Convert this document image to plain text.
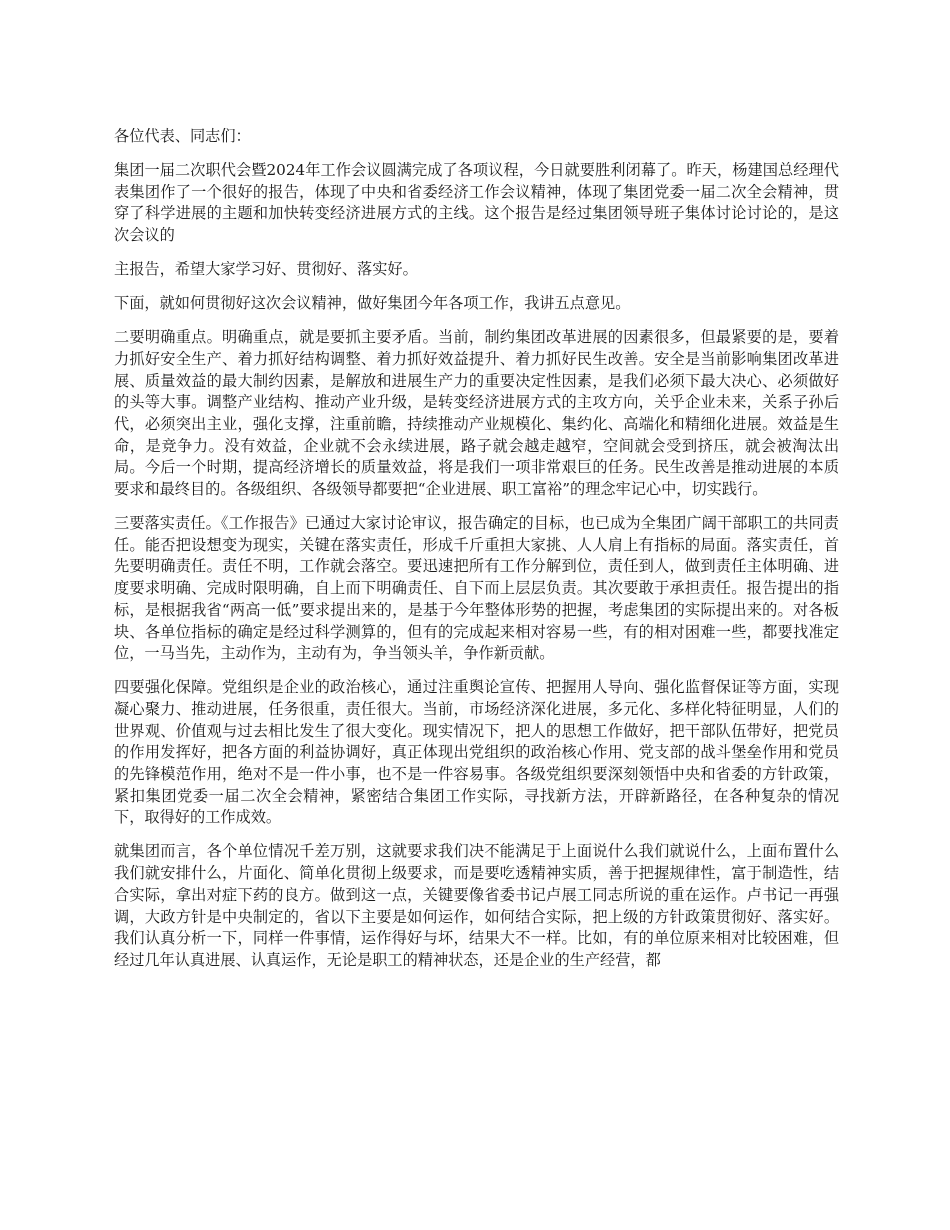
各位代表、同志们：

集团一届二次职代会暨2024年工作会议圆满完成了各项议程，今日就要胜利闭幕了。昨天，杨建国总经理代表集团作了一个很好的报告，体现了中央和省委经济工作会议精神，体现了集团党委一届二次全会精神，贯穿了科学进展的主题和加快转变经济进展方式的主线。这个报告是经过集团领导班子集体讨论讨论的，是这次会议的

主报告，希望大家学习好、贯彻好、落实好。

下面，就如何贯彻好这次会议精神，做好集团今年各项工作，我讲五点意见。

二要明确重点。明确重点，就是要抓主要矛盾。当前，制约集团改革进展的因素很多，但最紧要的是，要着力抓好安全生产、着力抓好结构调整、着力抓好效益提升、着力抓好民生改善。安全是当前影响集团改革进展、质量效益的最大制约因素，是解放和进展生产力的重要决定性因素，是我们必须下最大决心、必须做好的头等大事。调整产业结构、推动产业升级，是转变经济进展方式的主攻方向，关乎企业未来，关系子孙后代，必须突出主业，强化支撑，注重前瞻，持续推动产业规模化、集约化、高端化和精细化进展。效益是生命，是竞争力。没有效益，企业就不会永续进展，路子就会越走越窄，空间就会受到挤压，就会被淘汰出局。今后一个时期，提高经济增长的质量效益，将是我们一项非常艰巨的任务。民生改善是推动进展的本质要求和最终目的。各级组织、各级领导都要把“企业进展、职工富裕”的理念牢记心中，切实践行。

三要落实责任。《工作报告》已通过大家讨论审议，报告确定的目标，也已成为全集团广阔干部职工的共同责任。能否把设想变为现实，关键在落实责任，形成千斤重担大家挑、人人肩上有指标的局面。落实责任，首先要明确责任。责任不明，工作就会落空。要迅速把所有工作分解到位，责任到人，做到责任主体明确、进度要求明确、完成时限明确，自上而下明确责任、自下而上层层负责。其次要敢于承担责任。报告提出的指标，是根据我省“两高一低”要求提出来的，是基于今年整体形势的把握，考虑集团的实际提出来的。对各板块、各单位指标的确定是经过科学测算的，但有的完成起来相对容易一些，有的相对困难一些，都要找准定位，一马当先，主动作为，主动有为，争当领头羊，争作新贡献。

四要强化保障。党组织是企业的政治核心，通过注重舆论宣传、把握用人导向、强化监督保证等方面，实现凝心聚力、推动进展，任务很重，责任很大。当前，市场经济深化进展，多元化、多样化特征明显，人们的世界观、价值观与过去相比发生了很大变化。现实情况下，把人的思想工作做好，把干部队伍带好，把党员的作用发挥好，把各方面的利益协调好，真正体现出党组织的政治核心作用、党支部的战斗堡垒作用和党员的先锋模范作用，绝对不是一件小事，也不是一件容易事。各级党组织要深刻领悟中央和省委的方针政策，紧扣集团党委一届二次全会精神，紧密结合集团工作实际，寻找新方法，开辟新路径，在各种复杂的情况下，取得好的工作成效。

就集团而言，各个单位情况千差万别，这就要求我们决不能满足于上面说什么我们就说什么，上面布置什么我们就安排什么，片面化、简单化贯彻上级要求，而是要吃透精神实质，善于把握规律性，富于制造性，结合实际，拿出对症下药的良方。做到这一点，关键要像省委书记卢展工同志所说的重在运作。卢书记一再强调，大政方针是中央制定的，省以下主要是如何运作，如何结合实际，把上级的方针政策贯彻好、落实好。我们认真分析一下，同样一件事情，运作得好与坏，结果大不一样。比如，有的单位原来相对比较困难，但经过几年认真进展、认真运作，无论是职工的精神状态，还是企业的生产经营，都
